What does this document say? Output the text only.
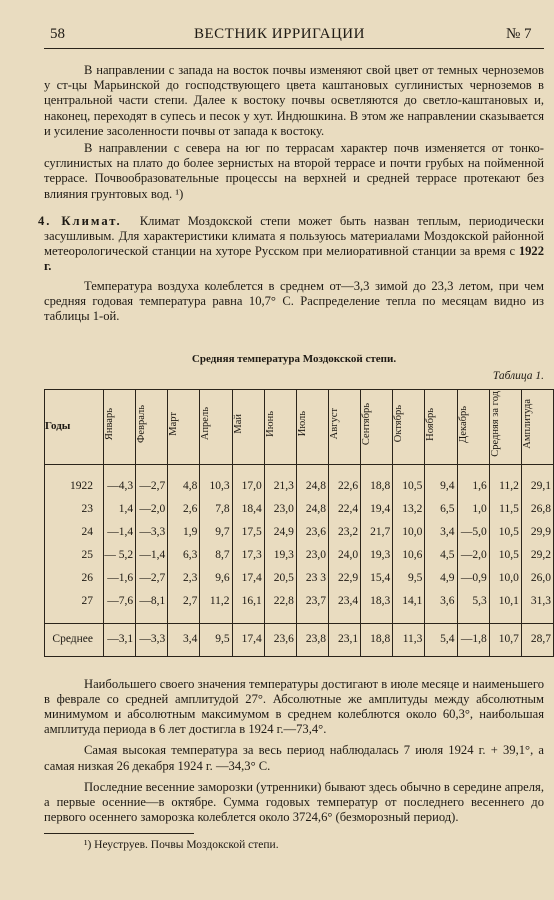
58	ВЕСТНИК ИРРИГАЦИИ	№ 7

В направлении с запада на восток почвы изменяют свой цвет от темных черноземов у ст-цы Марьинской до господствующего цвета каштановых суглинистых черноземов в центральной части степи. Далее к востоку почвы осветляются до светло-каштановых и, наконец, переходят в супесь и песок у хут. Индюшкина. В этом же направлении сказывается и усиление засоленности почвы от запада к востоку.

В направлении с севера на юг по террасам характер почв изменяется от тонко-суглинистых на плато до более зернистых на второй террасе и почти грубых на пойменной террасе. Почвообразовательные процессы на верхней и средней террасе протекают без влияния грунтовых вод. ¹)

4. Климат. Климат Моздокской степи может быть назван теплым, периодически засушливым. Для характеристики климата я пользуюсь материалами Моздокской районной метеорологической станции на хуторе Русском при мелиоративной станции за время с 1922 г.

Температура воздуха колеблется в среднем от—3,3 зимой до 23,3 летом, при чем средняя годовая температура равна 10,7° С. Распределение тепла по месяцам видно из таблицы 1-ой.

Средняя температура Моздокской степи.
Таблица 1.
Годы	Январь	Февраль	Март	Апрель	Май	Июнь	Июль	Август	Сентябрь	Октябрь	Ноябрь	Декабрь	Средняя за год	Амплитуда
1922	—4,3	—2,7	4,8	10,3	17,0	21,3	24,8	22,6	18,8	10,5	9,4	1,6	11,2	29,1
23	1,4	—2,0	2,6	7,8	18,4	23,0	24,8	22,4	19,4	13,2	6,5	1,0	11,5	26,8
24	—1,4	—3,3	1,9	9,7	17,5	24,9	23,6	23,2	21,7	10,0	3,4	—5,0	10,5	29,9
25	— 5,2	—1,4	6,3	8,7	17,3	19,3	23,0	24,0	19,3	10,6	4,5	—2,0	10,5	29,2
26	—1,6	—2,7	2,3	9,6	17,4	20,5	23 3	22,9	15,4	9,5	4,9	—0,9	10,0	26,0
27	—7,6	—8,1	2,7	11,2	16,1	22,8	23,7	23,4	18,3	14,1	3,6	5,3	10,1	31,3
Среднее	—3,1	—3,3	3,4	9,5	17,4	23,6	23,8	23,1	18,8	11,3	5,4	—1,8	10,7	28,7

Наибольшего своего значения температуры достигают в июле месяце и наименьшего в феврале со средней амплитудой 27°. Абсолютные же амплитуды между абсолютным минимумом и абсолютным максимумом в среднем колеблются около 60,3°, наибольшая амплитуда периода в 6 лет достигла в 1924 г.—73,4°.

Самая высокая температура за весь период наблюдалась 7 июля 1924 г. + 39,1°, а самая низкая 26 декабря 1924 г. —34,3° С.

Последние весенние заморозки (утренники) бывают здесь обычно в середине апреля, а первые осенние—в октябре. Сумма годовых температур от последнего весеннего до первого осеннего заморозка колеблется около 3724,6° (безморозный период).

¹) Неуструев. Почвы Моздокской степи.
